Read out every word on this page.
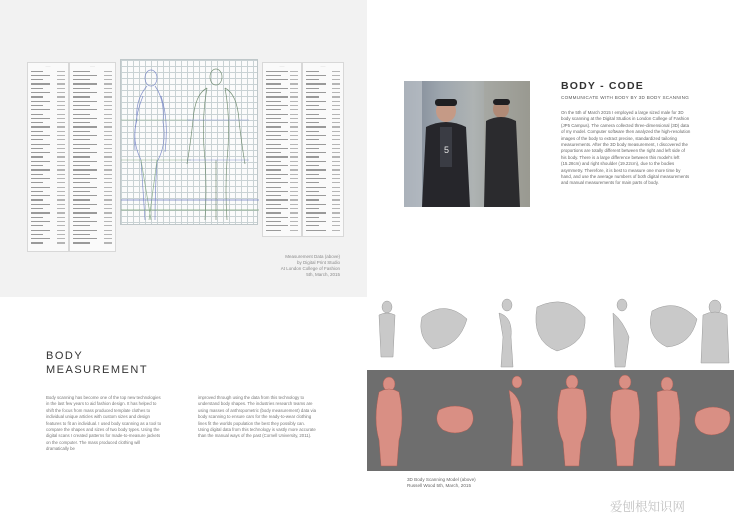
·····	·····	·····	·····
Measurement Data (above)
by Digital Print Studio
At London College of Fashion
5th, March, 2015
5
BODY - CODE
COMMUNICATE WITH BODY BY 3D BODY SCANNING
On the 5th of March 2015 I employed a large sized male for 3D body scanning at the Digital Studios in London College of Fashion (JP5 Campus). The camera collected three-dimensional (3D) data of my model. Computer software then analyzed the high-resolution images of the body to extract precise, standardized tailoring measurements. After the 3D body measurement, I discovered the proportions are totally different between the right and left side of his body. There is a large difference between this model's left (15.28cm) and right shoulder (19.22cm), due to the bodies asymmetry. Therefore, it is best to measure one more time by hand, and use the average numbers of both digital measurements and manual measurements for main parts of body.
BODY
MEASUREMENT
Body scanning has become one of the top new technologies in the last few years to aid fashion design. It has helped to shift the focus from mass produced template clothes to individual unique articles with custom sizes and design features to fit an individual. I used body scanning as a tool to compare the shapes and sizes of two body types. Using the digital scans I created patterns for made-to-measure jackets on the computer. The mass produced clothing will dramatically be
improved through using the data from this technology to understand body shapes. The industries research teams are using masses of anthropometric (body measurement) data via body scanning to ensure cars for the ready-to-wear clothing lines fit the worlds population the best they possibly can. Using digital data from this technology is vastly more accurate than the manual ways of the past (Cornell University, 2011).
3D Body Scanning Model (above)
Russell Wood 5th, March, 2015
爱刨根知识网
